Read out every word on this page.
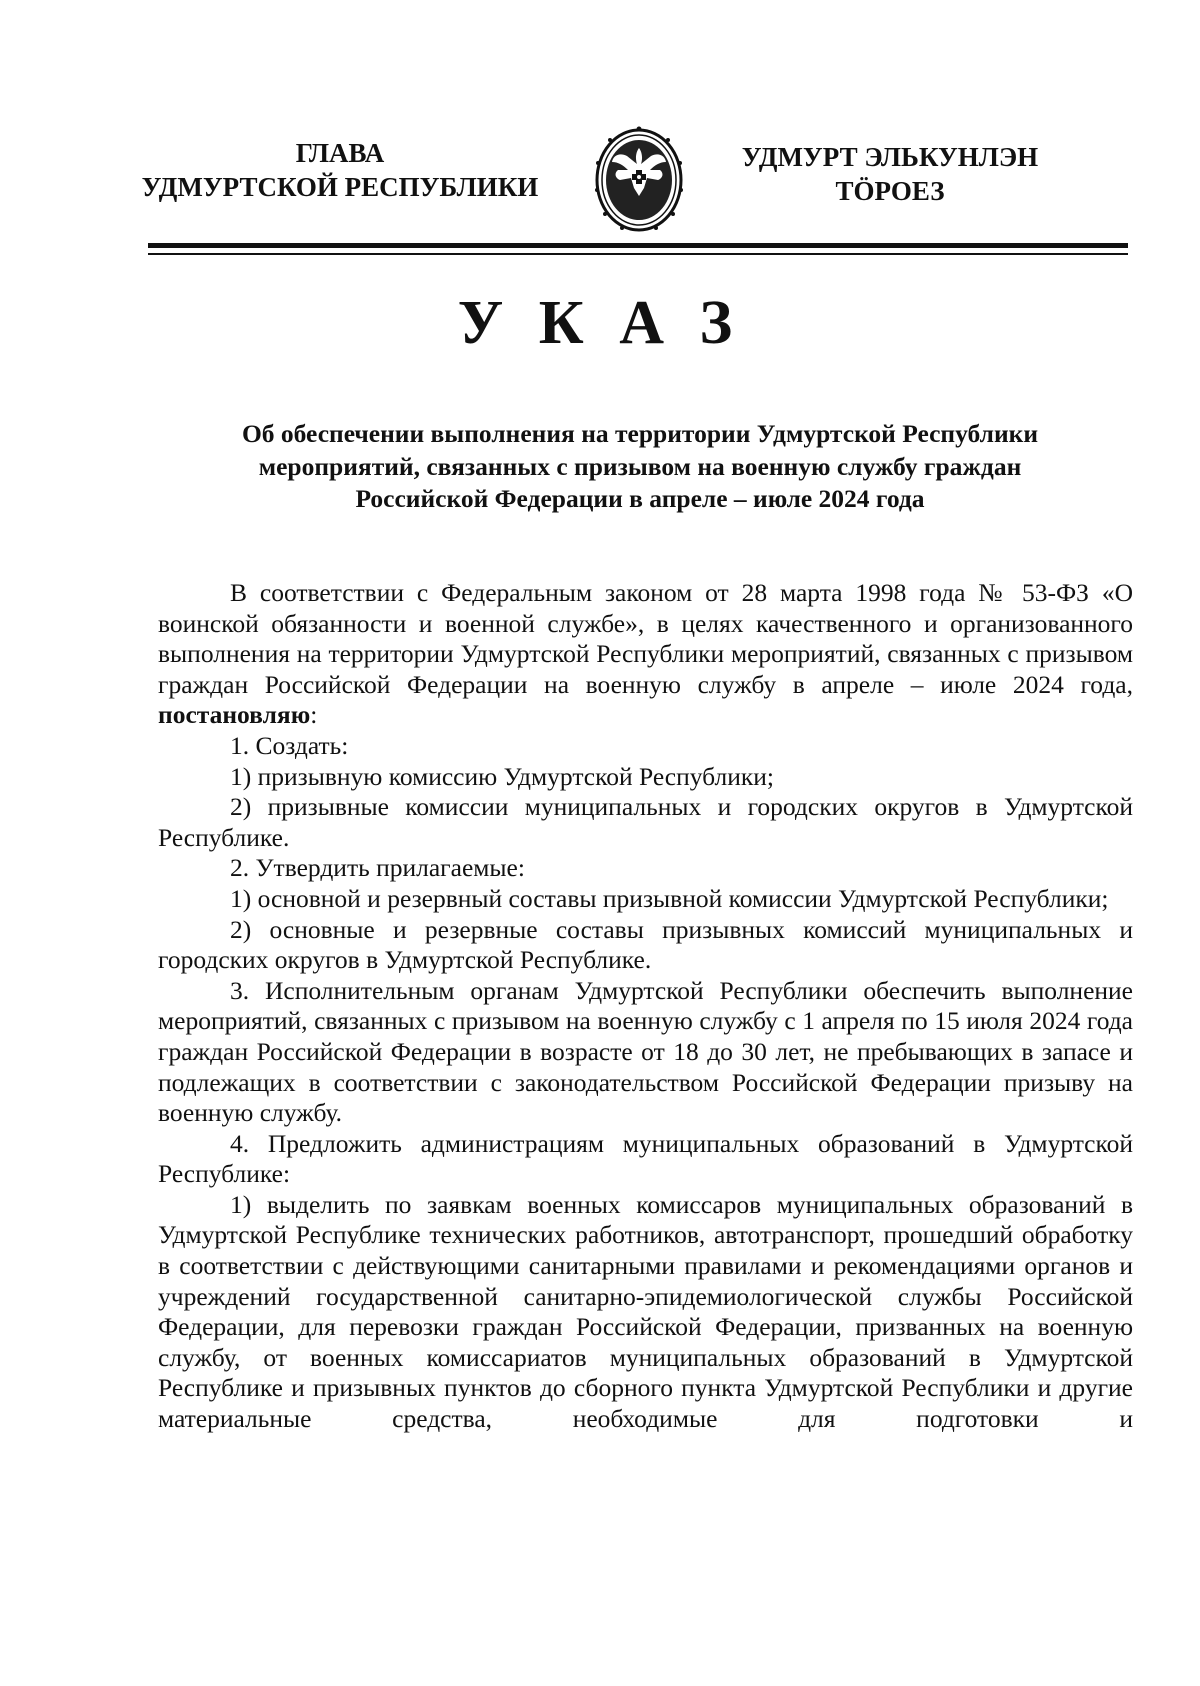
ГЛАВА
УДМУРТСКОЙ РЕСПУБЛИКИ
УДМУРТ ЭЛЬКУНЛЭН
ТӦРОЕЗ
У К А З
Об обеспечении выполнения на территории Удмуртской Республики
мероприятий, связанных с призывом на военную службу граждан
Российской Федерации в апреле – июле 2024 года

В соответствии с Федеральным законом от 28 марта 1998 года № 53-ФЗ «О воинской обязанности и военной службе», в целях качественного и организованного выполнения на территории Удмуртской Республики мероприятий, связанных с призывом граждан Российской Федерации на военную службу в апреле – июле 2024 года, постановляю:

1. Создать:

1) призывную комиссию Удмуртской Республики;

2) призывные комиссии муниципальных и городских округов в Удмуртской Республике.

2. Утвердить прилагаемые:

1) основной и резервный составы призывной комиссии Удмуртской Республики;

2) основные и резервные составы призывных комиссий муниципальных и городских округов в Удмуртской Республике.

3. Исполнительным органам Удмуртской Республики обеспечить выполнение мероприятий, связанных с призывом на военную службу с 1 апреля по 15 июля 2024 года граждан Российской Федерации в возрасте от 18 до 30 лет, не пребывающих в запасе и подлежащих в соответствии с законодательством Российской Федерации призыву на военную службу.

4. Предложить администрациям муниципальных образований в Удмуртской Республике:

1) выделить по заявкам военных комиссаров муниципальных образований в Удмуртской Республике технических работников, автотранспорт, прошедший обработку в соответствии с действующими санитарными правилами и рекомендациями органов и учреждений государственной санитарно-эпидемиологической службы Российской Федерации, для перевозки граждан Российской Федерации, призванных на военную службу, от военных комиссариатов муниципальных образований в Удмуртской Республике и призывных пунктов до сборного пункта Удмуртской Республики и другие материальные средства, необходимые для подготовки и
